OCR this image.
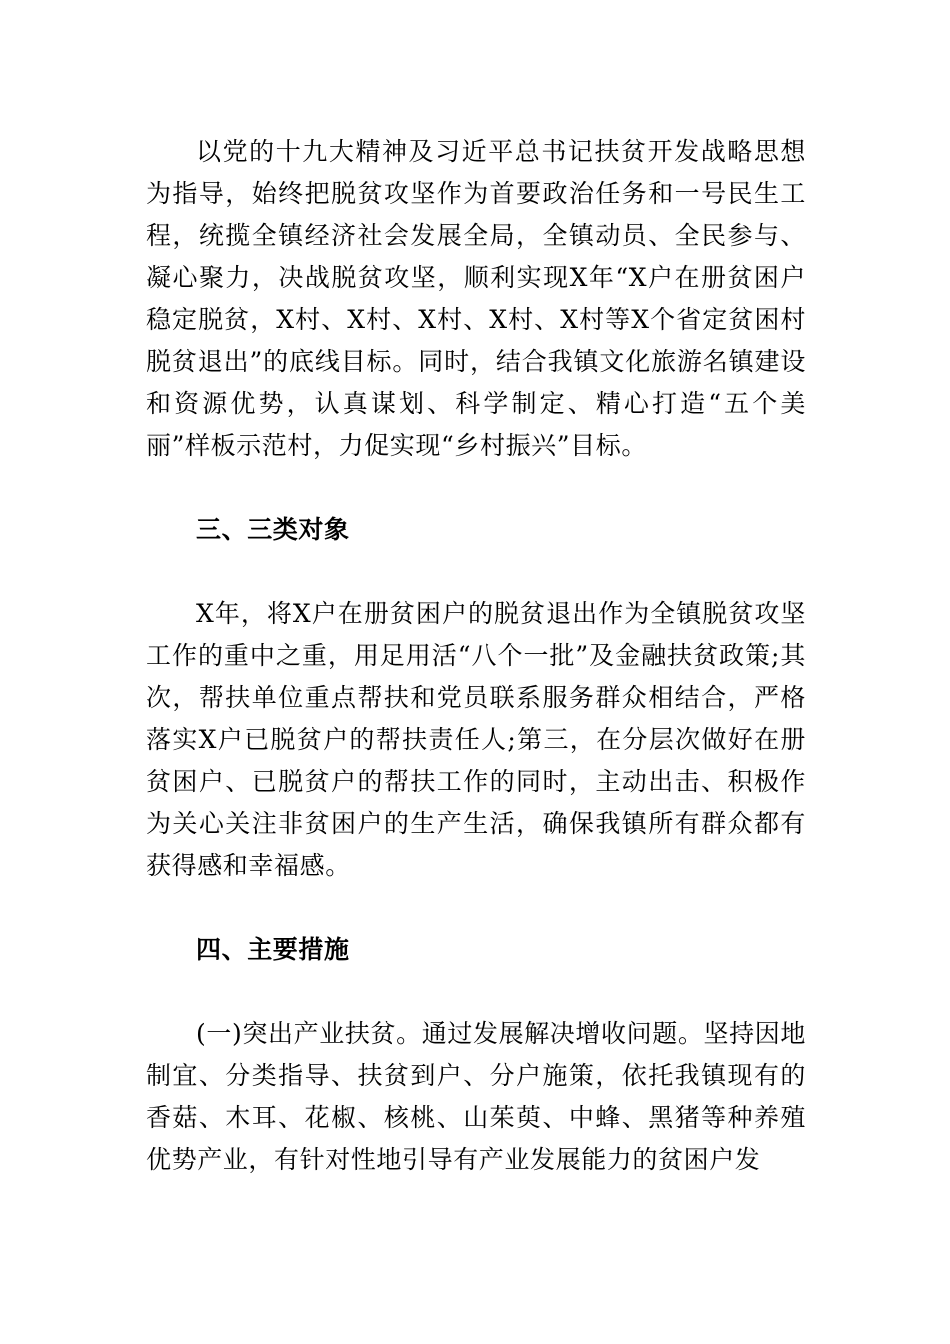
以党的十九大精神及习近平总书记扶贫开发战略思想为指导，始终把脱贫攻坚作为首要政治任务和一号民生工程，统揽全镇经济社会发展全局，全镇动员、全民参与、凝心聚力，决战脱贫攻坚，顺利实现X年“X户在册贫困户稳定脱贫，X村、X村、X村、X村、X村等X个省定贫困村脱贫退出”的底线目标。同时，结合我镇文化旅游名镇建设和资源优势，认真谋划、科学制定、精心打造“五个美丽”样板示范村，力促实现“乡村振兴”目标。

三、三类对象

X年，将X户在册贫困户的脱贫退出作为全镇脱贫攻坚工作的重中之重，用足用活“八个一批”及金融扶贫政策;其次，帮扶单位重点帮扶和党员联系服务群众相结合，严格落实X户已脱贫户的帮扶责任人;第三，在分层次做好在册贫困户、已脱贫户的帮扶工作的同时，主动出击、积极作为关心关注非贫困户的生产生活，确保我镇所有群众都有获得感和幸福感。

四、主要措施

(一)突出产业扶贫。通过发展解决增收问题。坚持因地制宜、分类指导、扶贫到户、分户施策，依托我镇现有的香菇、木耳、花椒、核桃、山茱萸、中蜂、黑猪等种养殖优势产业，有针对性地引导有产业发展能力的贫困户发
